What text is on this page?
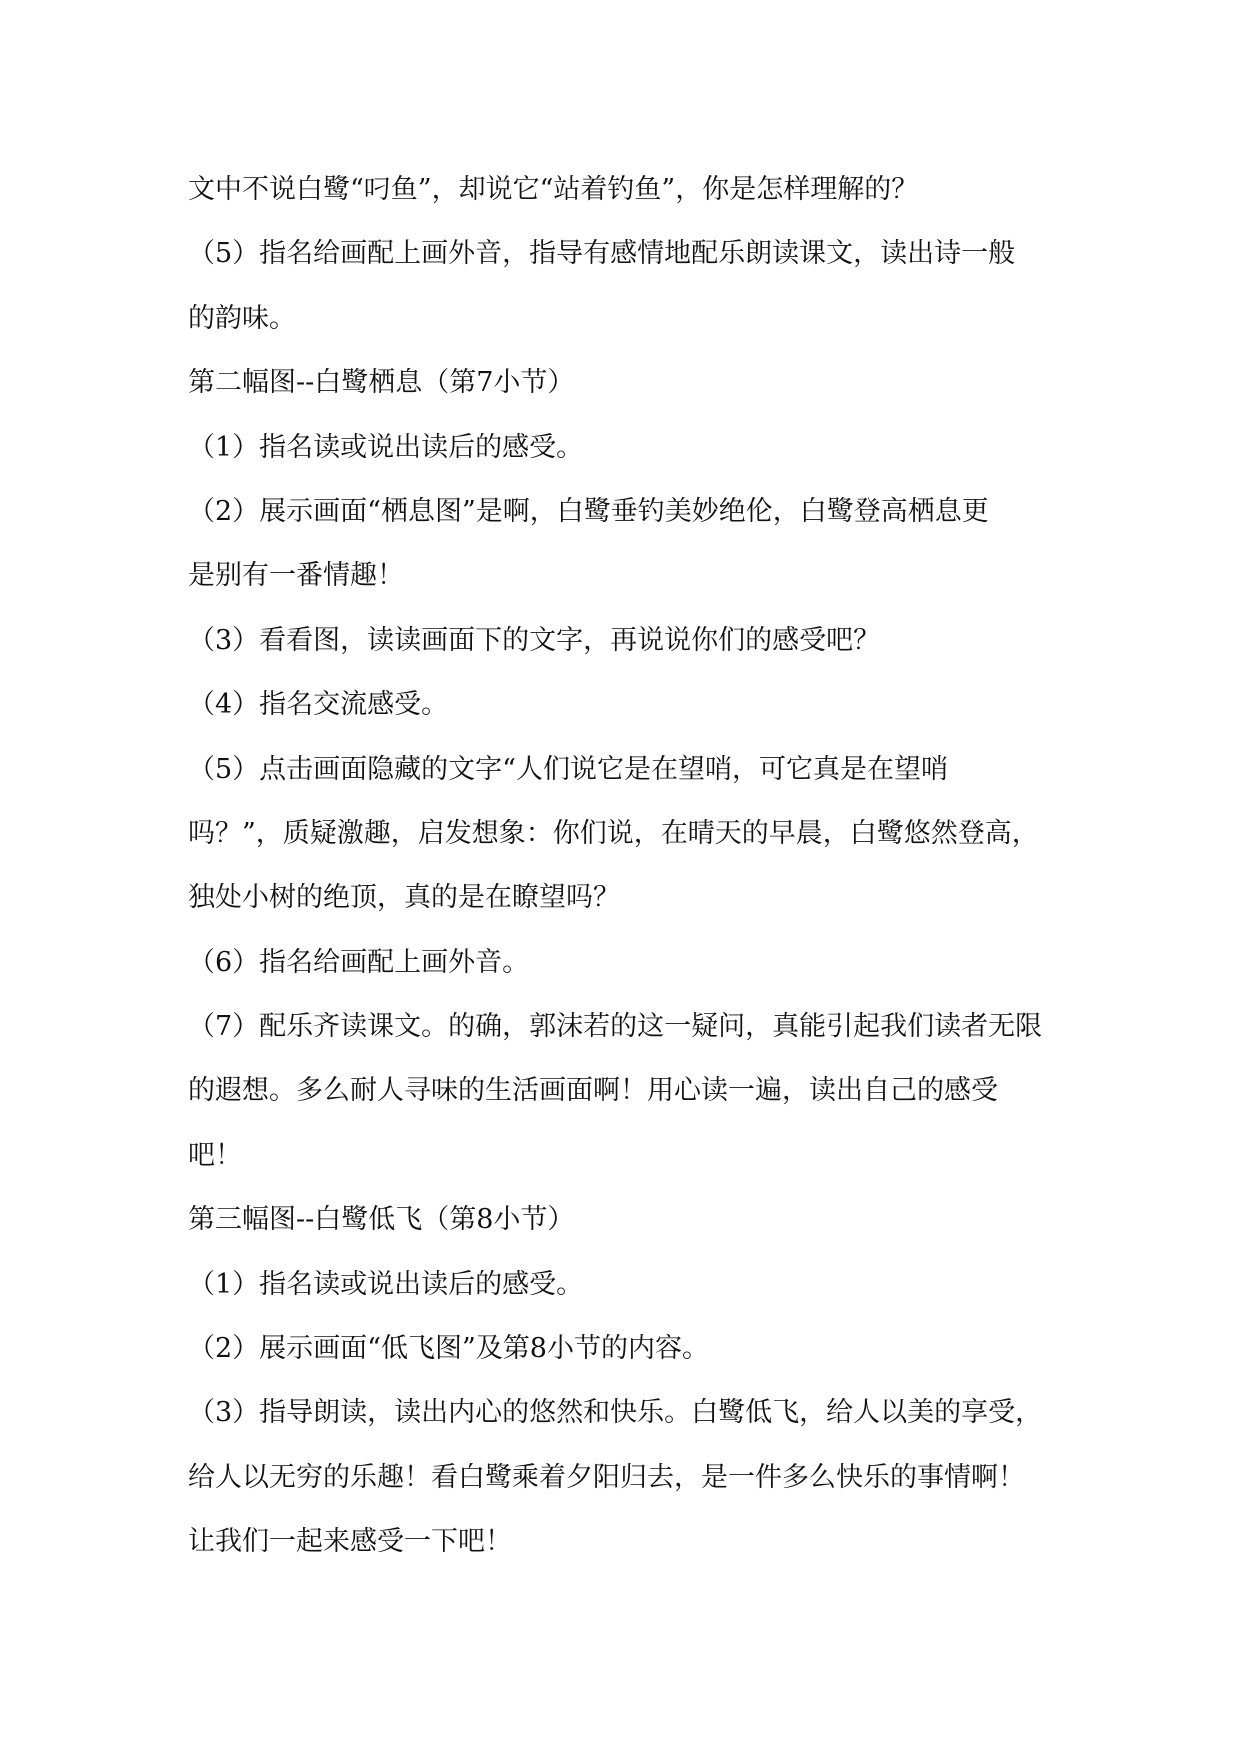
文中不说白鹭“叼鱼”，却说它“站着钓鱼”，你是怎样理解的？
（5）指名给画配上画外音，指导有感情地配乐朗读课文，读出诗一般
的韵味。
第二幅图--白鹭栖息（第7小节）
（1）指名读或说出读后的感受。
（2）展示画面“栖息图”是啊，白鹭垂钓美妙绝伦，白鹭登高栖息更
是别有一番情趣！
（3）看看图，读读画面下的文字，再说说你们的感受吧？
（4）指名交流感受。
（5）点击画面隐藏的文字“人们说它是在望哨，可它真是在望哨
吗？”，质疑激趣，启发想象：你们说，在晴天的早晨，白鹭悠然登高，
独处小树的绝顶，真的是在瞭望吗？
（6）指名给画配上画外音。
（7）配乐齐读课文。的确，郭沫若的这一疑问，真能引起我们读者无限
的遐想。多么耐人寻味的生活画面啊！用心读一遍，读出自己的感受
吧！
第三幅图--白鹭低飞（第8小节）
（1）指名读或说出读后的感受。
（2）展示画面“低飞图”及第8小节的内容。
（3）指导朗读，读出内心的悠然和快乐。白鹭低飞，给人以美的享受，
给人以无穷的乐趣！看白鹭乘着夕阳归去，是一件多么快乐的事情啊！
让我们一起来感受一下吧！
